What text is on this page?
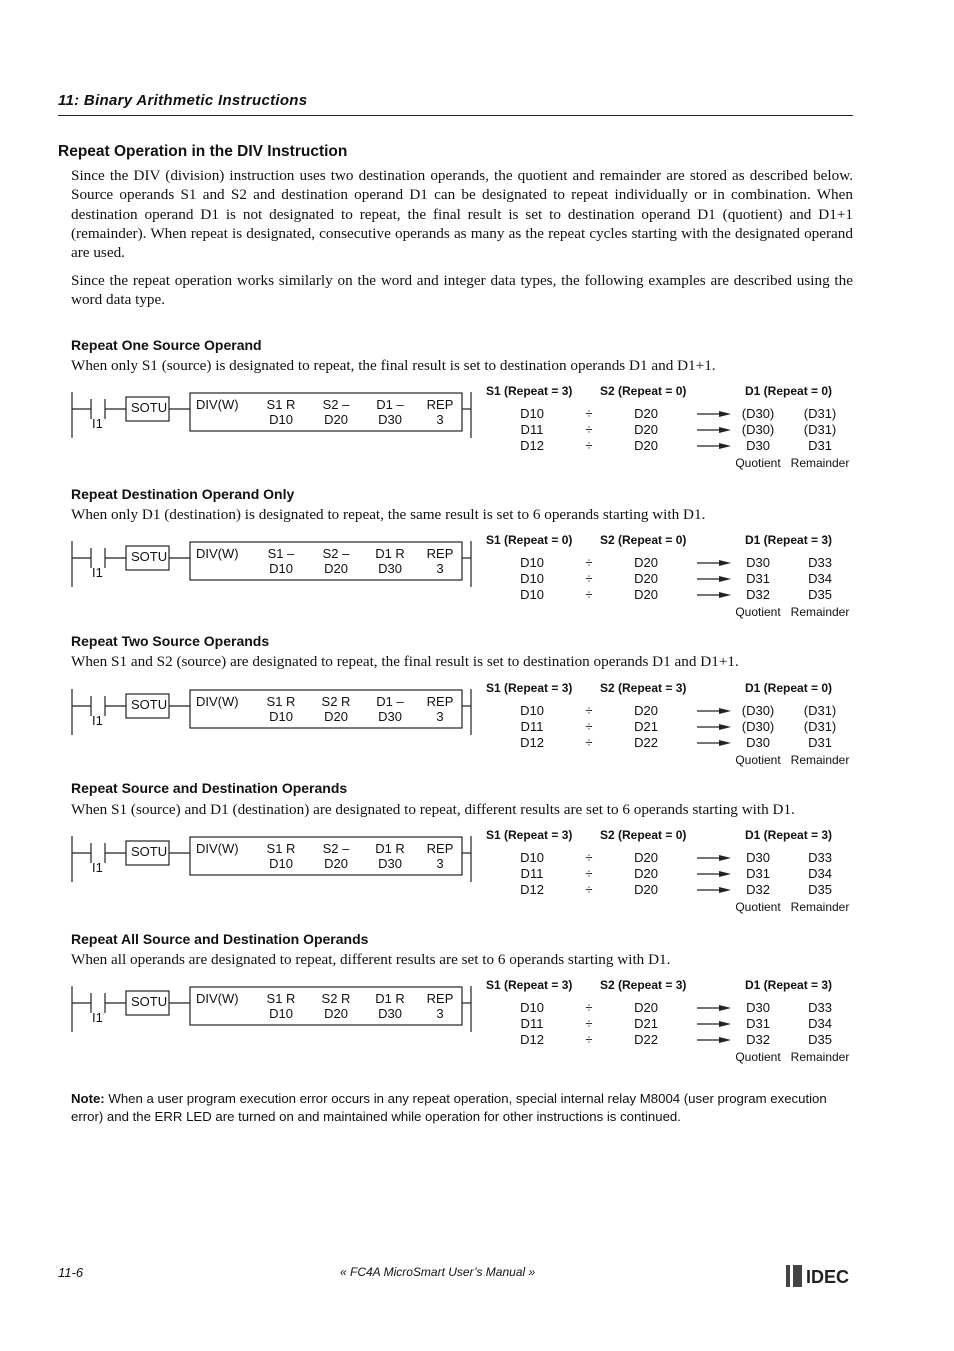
11: Binary Arithmetic Instructions
Repeat Operation in the DIV Instruction
Since the DIV (division) instruction uses two destination operands, the quotient and remainder are stored as described below. Source operands S1 and S2 and destination operand D1 can be designated to repeat individually or in combination. When destination operand D1 is not designated to repeat, the final result is set to destination operand D1 (quotient) and D1+1 (remainder). When repeat is designated, consecutive operands as many as the repeat cycles starting with the designated operand are used.
Since the repeat operation works similarly on the word and integer data types, the following examples are described using the word data type.
Repeat One Source Operand
When only S1 (source) is designated to repeat, the final result is set to destination operands D1 and D1+1.
I1
SOTU DIV(W) S1 R
D10
S2 –
D20
D1 –
D30
REP
3
S1 (Repeat = 3) S2 (Repeat = 0)	D1 (Repeat = 0)
D10	÷	D20	(D30) (D31)
D11	÷	D20	(D30) (D31)
D12	÷	D20	D30	D31
Quotient Remainder
Repeat Destination Operand Only
When only D1 (destination) is designated to repeat, the same result is set to 6 operands starting with D1.
I1
SOTU DIV(W) S1 –
D10
S2 –
D20
D1 R
D30
REP
3
S1 (Repeat = 0) S2 (Repeat = 0)	D1 (Repeat = 3)
D10	÷	D20	D30	D33
D10	÷	D20	D31	D34
D10	÷	D20	D32	D35
Quotient Remainder
Repeat Two Source Operands
When S1 and S2 (source) are designated to repeat, the final result is set to destination operands D1 and D1+1.
I1
SOTU DIV(W) S1 R
D10
S2 R
D20
D1 –
D30
REP
3
S1 (Repeat = 3) S2 (Repeat = 3)	D1 (Repeat = 0)
D10	÷	D20	(D30) (D31)
D11	÷	D21	(D30) (D31)
D12	÷	D22	D30	D31
Quotient Remainder
Repeat Source and Destination Operands
When S1 (source) and D1 (destination) are designated to repeat, different results are set to 6 operands starting with D1.
I1
SOTU DIV(W) S1 R
D10
S2 –
D20
D1 R
D30
REP
3
S1 (Repeat = 3) S2 (Repeat = 0)	D1 (Repeat = 3)
D10	÷	D20	D30	D33
D11	÷	D20	D31	D34
D12	÷	D20	D32	D35
Quotient Remainder
Repeat All Source and Destination Operands
When all operands are designated to repeat, different results are set to 6 operands starting with D1.
I1
SOTU DIV(W) S1 R
D10
S2 R
D20
D1 R
D30
REP
3
S1 (Repeat = 3) S2 (Repeat = 3)	D1 (Repeat = 3)
D10	÷	D20	D30	D33
D11	÷	D21	D31	D34
D12	÷	D22	D32	D35
Quotient Remainder
Note: When a user program execution error occurs in any repeat operation, special internal relay M8004 (user program execution error) and the ERR LED are turned on and maintained while operation for other instructions is continued.
11-6	« FC4A MicroSmart User’s Manual »	IDEC
